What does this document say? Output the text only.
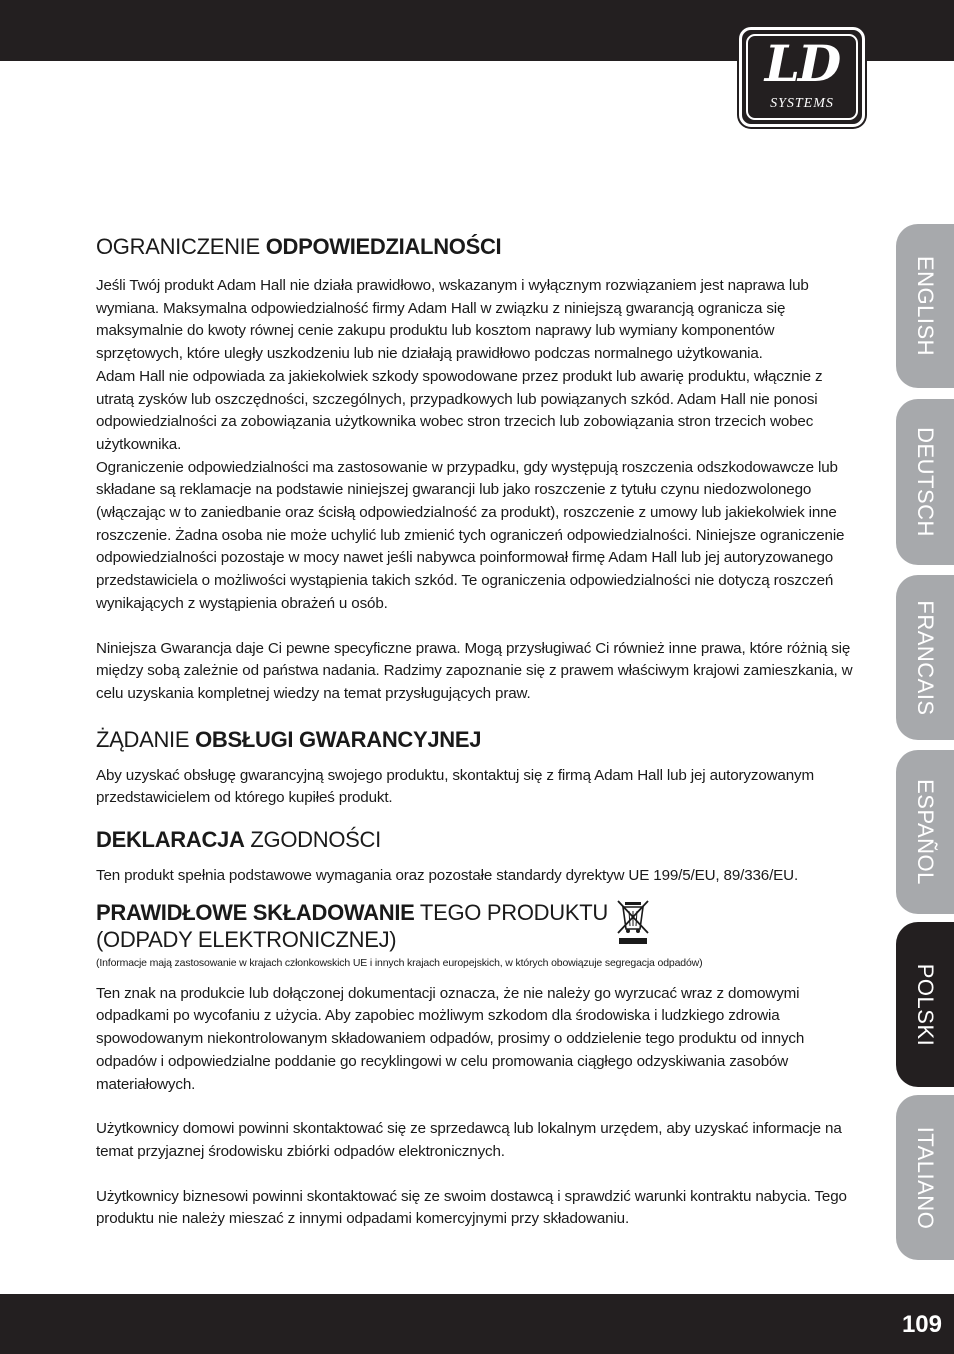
LD
SYSTEMS
ENGLISH
DEUTSCH
FRANCAIS
ESPAÑOL
POLSKI
ITALIANO
OGRANICZENIE ODPOWIEDZIALNOŚCI

Jeśli Twój produkt Adam Hall nie działa prawidłowo, wskazanym i wyłącznym rozwiązaniem jest naprawa lub wymiana. Maksymalna odpowiedzialność firmy Adam Hall w związku z niniejszą gwarancją ogranicza się maksymalnie do kwoty równej cenie zakupu produktu lub kosztom naprawy lub wymiany komponentów sprzętowych, które uległy uszkodzeniu lub nie działają prawidłowo podczas normalnego użytkowania.

Adam Hall nie odpowiada za jakiekolwiek szkody spowodowane przez produkt lub awarię produktu, włącznie z utratą zysków lub oszczędności, szczególnych, przypadkowych lub powiązanych szkód. Adam Hall nie ponosi odpowiedzialności za zobowiązania użytkownika wobec stron trzecich lub zobowiązania stron trzecich wobec użytkownika.

Ograniczenie odpowiedzialności ma zastosowanie w przypadku, gdy występują roszczenia odszkodowawcze lub składane są reklamacje na podstawie niniejszej gwarancji lub jako roszczenie z tytułu czynu niedozwolonego (włączając w to zaniedbanie oraz ścisłą odpowiedzialność za produkt), roszczenie z umowy lub jakiekolwiek inne roszczenie. Żadna osoba nie może uchylić lub zmienić tych ograniczeń odpowiedzialności. Niniejsze ograniczenie odpowiedzialności pozostaje w mocy nawet jeśli nabywca poinformował firmę Adam Hall lub jej autoryzowanego przedstawiciela o możliwości wystąpienia takich szkód. Te ograniczenia odpowiedzialności nie dotyczą roszczeń wynikających z wystąpienia obrażeń u osób.

Niniejsza Gwarancja daje Ci pewne specyficzne prawa. Mogą przysługiwać Ci również inne prawa, które różnią się między sobą zależnie od państwa nadania. Radzimy zapoznanie się z prawem właściwym krajowi zamieszkania, w celu uzyskania kompletnej wiedzy na temat przysługujących praw.

ŻĄDANIE OBSŁUGI GWARANCYJNEJ

Aby uzyskać obsługę gwarancyjną swojego produktu, skontaktuj się z firmą Adam Hall lub jej autoryzowanym przedstawicielem od którego kupiłeś produkt.

DEKLARACJA ZGODNOŚCI

Ten produkt spełnia podstawowe wymagania oraz pozostałe standardy dyrektyw UE 199/5/EU, 89/336/EU.

PRAWIDŁOWE SKŁADOWANIE TEGO PRODUKTU
(ODPADY ELEKTRONICZNEJ)

(Informacje mają zastosowanie w krajach członkowskich UE i innych krajach europejskich, w których obowiązuje segregacja odpadów)

Ten znak na produkcie lub dołączonej dokumentacji oznacza, że nie należy go wyrzucać wraz z domowymi odpadkami po wycofaniu z użycia. Aby zapobiec możliwym szkodom dla środowiska i ludzkiego zdrowia spowodowanym niekontrolowanym składowaniem odpadów, prosimy o oddzielenie tego produktu od innych odpadów i odpowiedzialne poddanie go recyklingowi w celu promowania ciągłego odzyskiwania zasobów materiałowych.

Użytkownicy domowi powinni skontaktować się ze sprzedawcą lub lokalnym urzędem, aby uzyskać informacje na temat przyjaznej środowisku zbiórki odpadów elektronicznych.

Użytkownicy biznesowi powinni skontaktować się ze swoim dostawcą i sprawdzić warunki kontraktu nabycia. Tego produktu nie należy mieszać z innymi odpadami komercyjnymi przy składowaniu.

109
